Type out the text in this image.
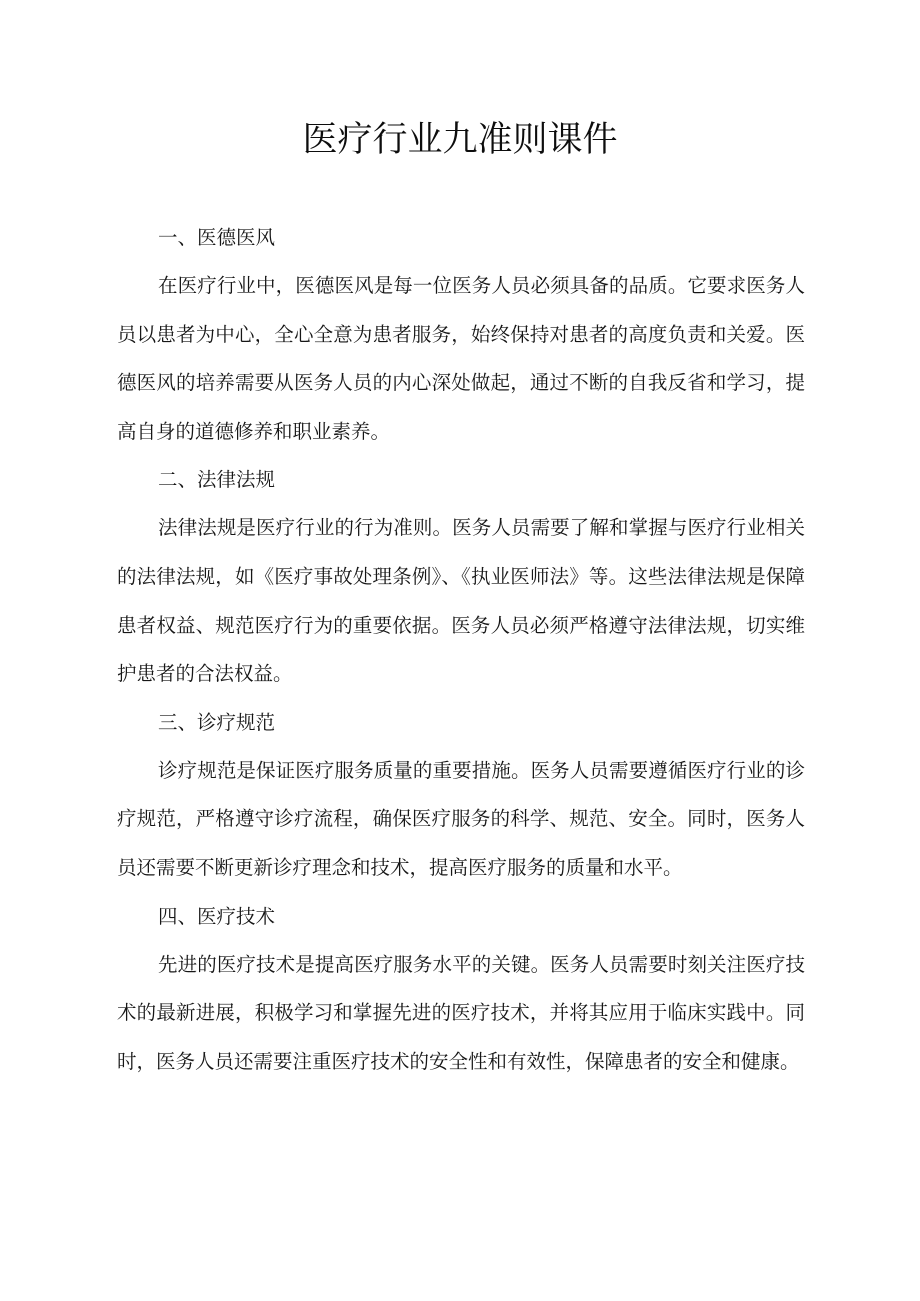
医疗行业九准则课件
一、医德医风

在医疗行业中，医德医风是每一位医务人员必须具备的品质。它要求医务人员以患者为中心，全心全意为患者服务，始终保持对患者的高度负责和关爱。医德医风的培养需要从医务人员的内心深处做起，通过不断的自我反省和学习，提高自身的道德修养和职业素养。

二、法律法规

法律法规是医疗行业的行为准则。医务人员需要了解和掌握与医疗行业相关的法律法规，如《医疗事故处理条例》、《执业医师法》等。这些法律法规是保障患者权益、规范医疗行为的重要依据。医务人员必须严格遵守法律法规，切实维护患者的合法权益。

三、诊疗规范

诊疗规范是保证医疗服务质量的重要措施。医务人员需要遵循医疗行业的诊疗规范，严格遵守诊疗流程，确保医疗服务的科学、规范、安全。同时，医务人员还需要不断更新诊疗理念和技术，提高医疗服务的质量和水平。

四、医疗技术

先进的医疗技术是提高医疗服务水平的关键。医务人员需要时刻关注医疗技术的最新进展，积极学习和掌握先进的医疗技术，并将其应用于临床实践中。同时，医务人员还需要注重医疗技术的安全性和有效性，保障患者的安全和健康。
